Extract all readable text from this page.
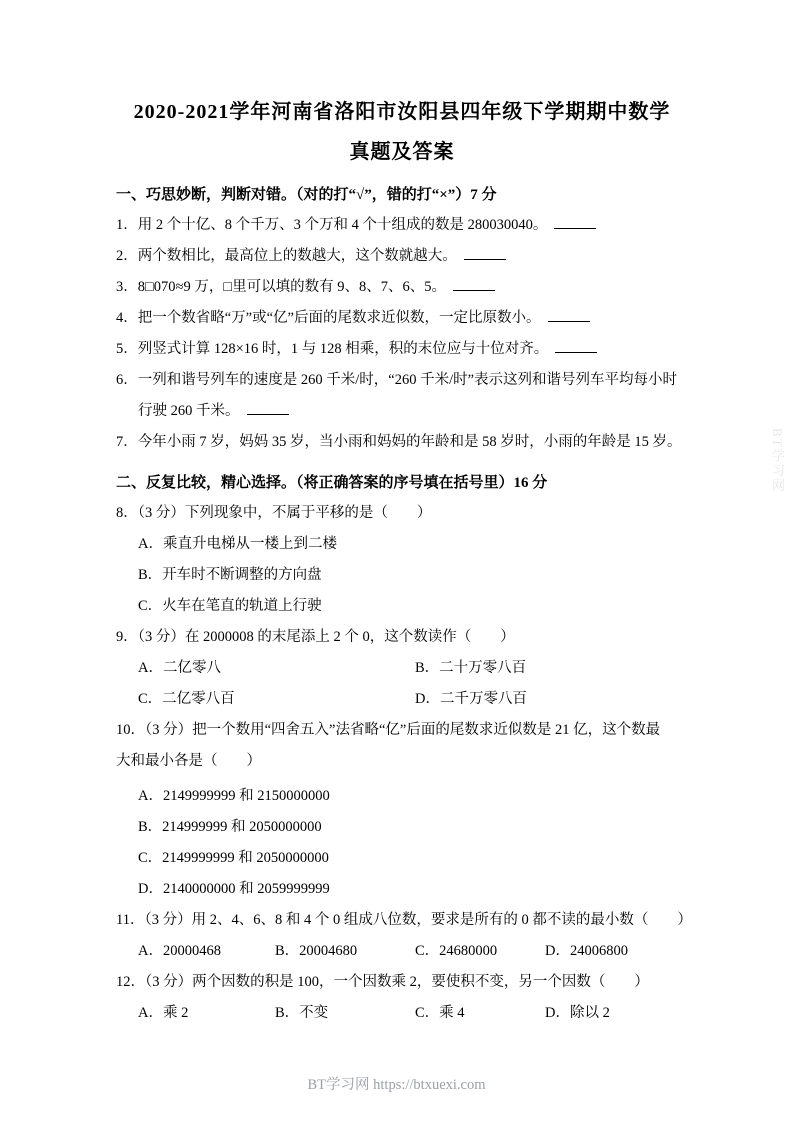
2020-2021学年河南省洛阳市汝阳县四年级下学期期中数学
真题及答案
一、巧思妙断，判断对错。（对的打“√”，错的打“×”）7 分
1．用 2 个十亿、8 个千万、3 个万和 4 个十组成的数是 280030040。
2．两个数相比，最高位上的数越大，这个数就越大。
3．8□070≈9 万，□里可以填的数有 9、8、7、6、5。
4．把一个数省略“万”或“亿”后面的尾数求近似数，一定比原数小。
5．列竖式计算 128×16 时，1 与 128 相乘，积的末位应与十位对齐。
6．一列和谐号列车的速度是 260 千米/时，“260 千米/时”表示这列和谐号列车平均每小时
行驶 260 千米。
7．今年小雨 7 岁，妈妈 35 岁，当小雨和妈妈的年龄和是 58 岁时，小雨的年龄是 15 岁。
二、反复比较，精心选择。（将正确答案的序号填在括号里）16 分
8．（3 分）下列现象中，不属于平移的是（　　）
A．乘直升电梯从一楼上到二楼
B．开车时不断调整的方向盘
C．火车在笔直的轨道上行驶
9．（3 分）在 2000008 的末尾添上 2 个 0，这个数读作（　　）
A．二亿零八	B．二十万零八百
C．二亿零八百	D．二千万零八百
10．（3 分）把一个数用“四舍五入”法省略“亿”后面的尾数求近似数是 21 亿，这个数最
大和最小各是（　　）
A．2149999999 和 2150000000
B．214999999 和 2050000000
C．2149999999 和 2050000000
D．2140000000 和 2059999999
11．（3 分）用 2、4、6、8 和 4 个 0 组成八位数，要求是所有的 0 都不读的最小数（　　）
A．20000468	B．20004680	C．24680000	D．24006800
12．（3 分）两个因数的积是 100，一个因数乘 2，要使积不变，另一个因数（　　）
A．乘 2	B．不变	C．乘 4	D．除以 2
BT学习网
BT学习网 https://btxuexi.com
